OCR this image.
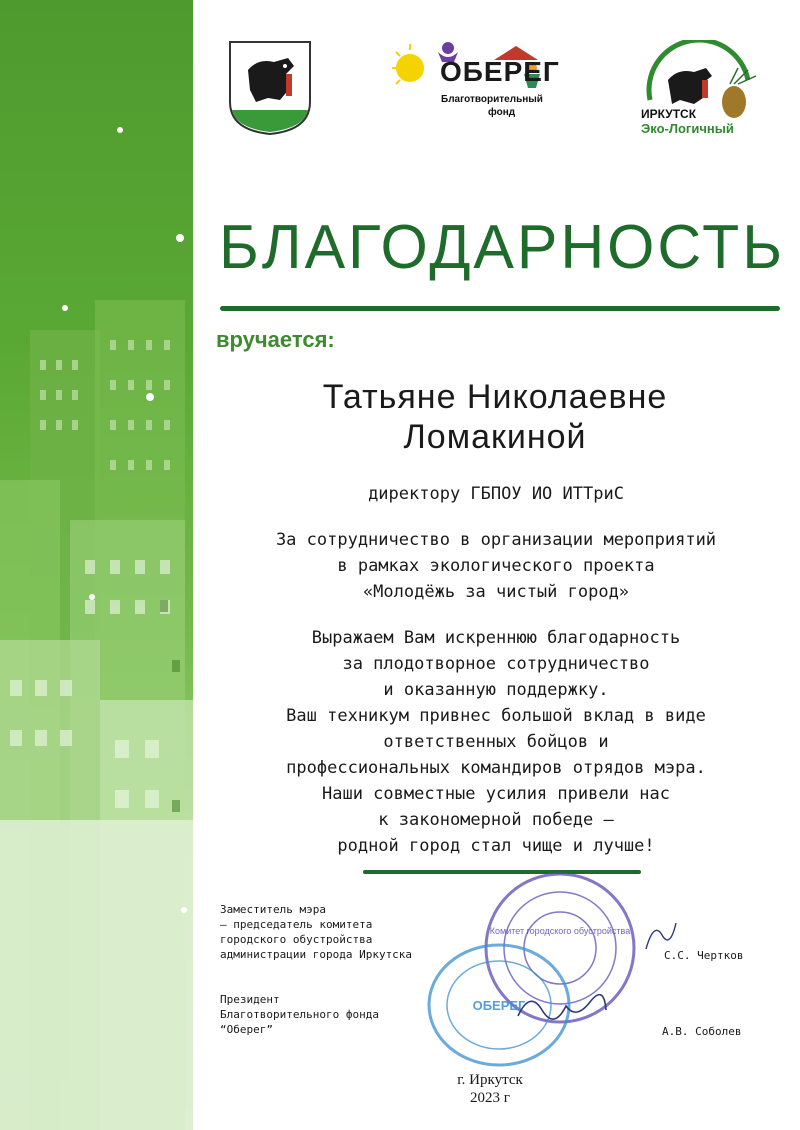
ОБЕРЕГ
Благотворительный
фонд	ИРКУТСК
Эко-Логичный
БЛАГОДАРНОСТЬ
вручается:
Татьяне Николаевне
Ломакиной
директору ГБПОУ ИО ИТТриС
За сотрудничество в организации мероприятий
в рамках экологического проекта
«Молодёжь за чистый город»
Выражаем Вам искреннюю благодарность
за плодотворное сотрудничество
и оказанную поддержку.
Ваш техникум привнес большой вклад в виде
ответственных бойцов и
профессиональных командиров отрядов мэра.
Наши совместные усилия привели нас
к закономерной победе —
родной город стал чище и лучше!
Комитет городского обустройства
ОБЕРЕГ
Заместитель мэра
– председатель комитета
городского обустройства
администрации города Иркутска	С.С. Чертков
Президент
Благотворительного фонда
“Оберег”	А.В. Соболев
г. Иркутск
2023 г
